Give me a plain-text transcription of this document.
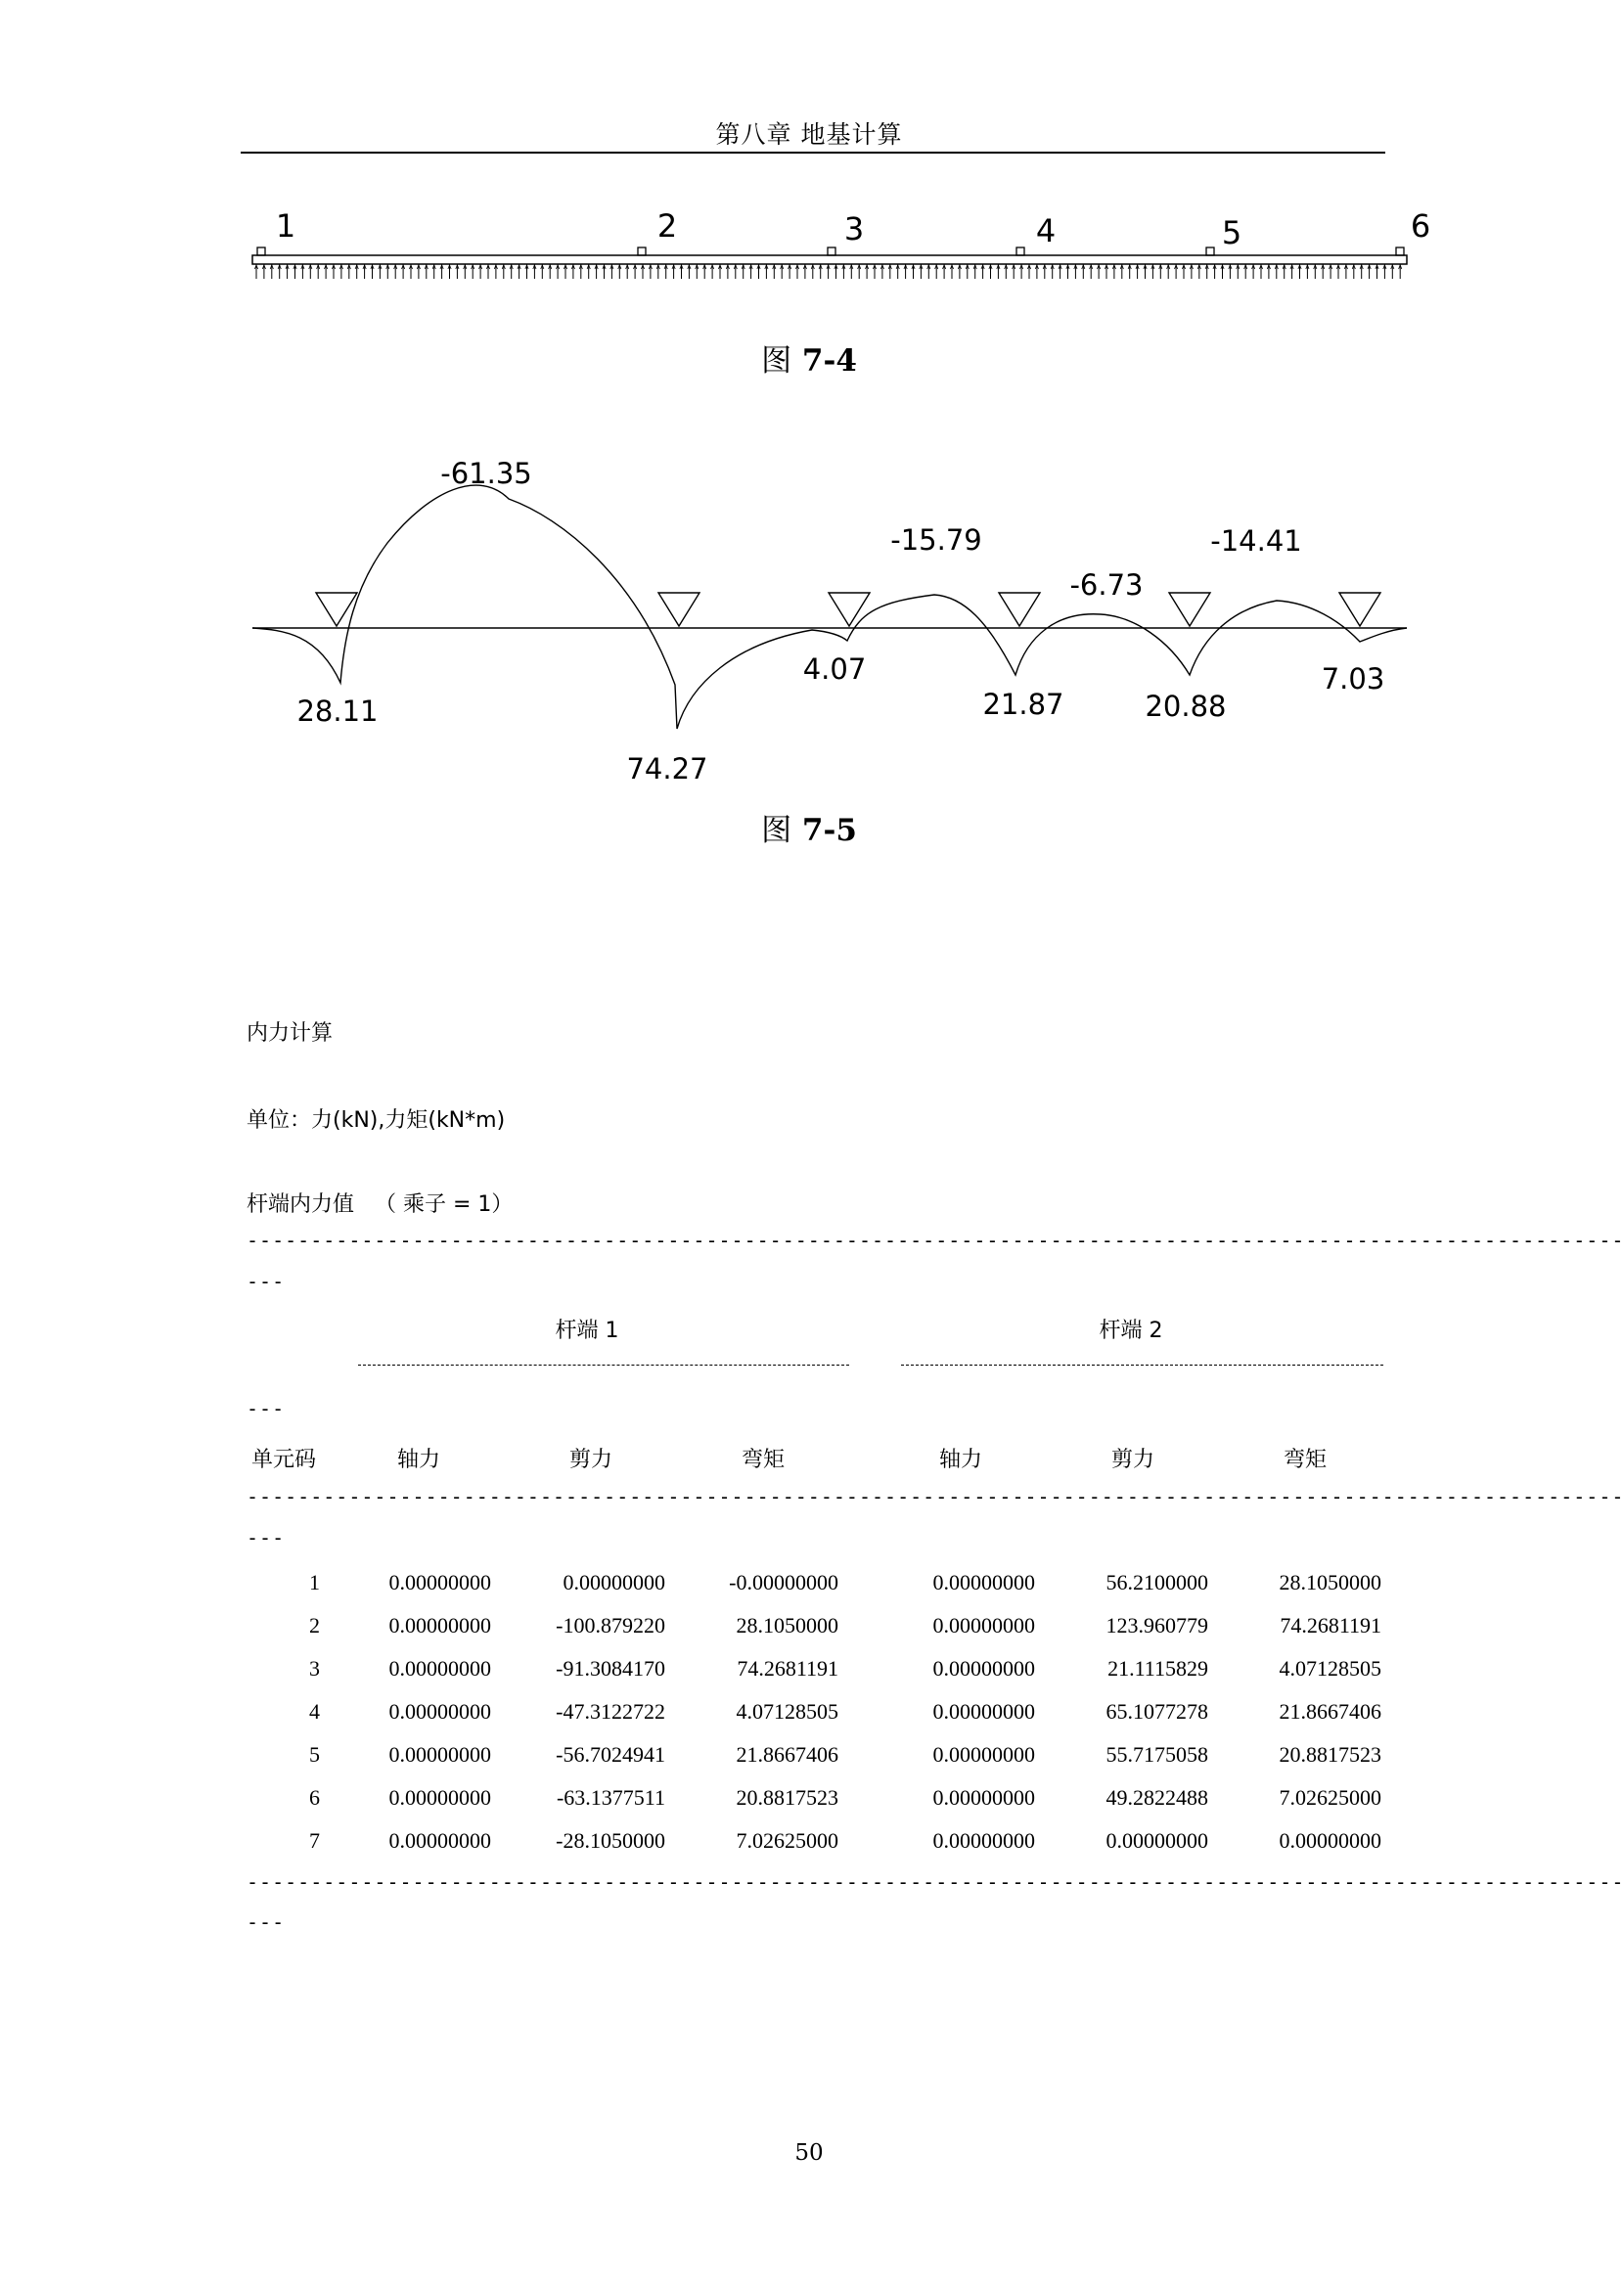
第八章 地基计算
1	2	3	4	5	6
图 7-4
-61.35
-15.79
-6.73
-14.41
28.11
74.27
4.07
21.87	20.88
7.03
图 7-5
内力计算
单位：力(kN),力矩(kN*m)
杆端内力值   （ 乘子 = 1）
------------------------------------------------------------------------------------------------------------
---
杆端 1	杆端 2
---
单元码	轴力	剪力	弯矩	轴力	剪力	弯矩
------------------------------------------------------------------------------------------------------------
---
1	0.00000000	0.00000000	-0.00000000	0.00000000	56.2100000	28.1050000
2	0.00000000	-100.879220	28.1050000	0.00000000	123.960779	74.2681191
3	0.00000000	-91.3084170	74.2681191	0.00000000	21.1115829	4.07128505
4	0.00000000	-47.3122722	4.07128505	0.00000000	65.1077278	21.8667406
5	0.00000000	-56.7024941	21.8667406	0.00000000	55.7175058	20.8817523
6	0.00000000	-63.1377511	20.8817523	0.00000000	49.2822488	7.02625000
7	0.00000000	-28.1050000	7.02625000	0.00000000	0.00000000	0.00000000
------------------------------------------------------------------------------------------------------------
---
50
